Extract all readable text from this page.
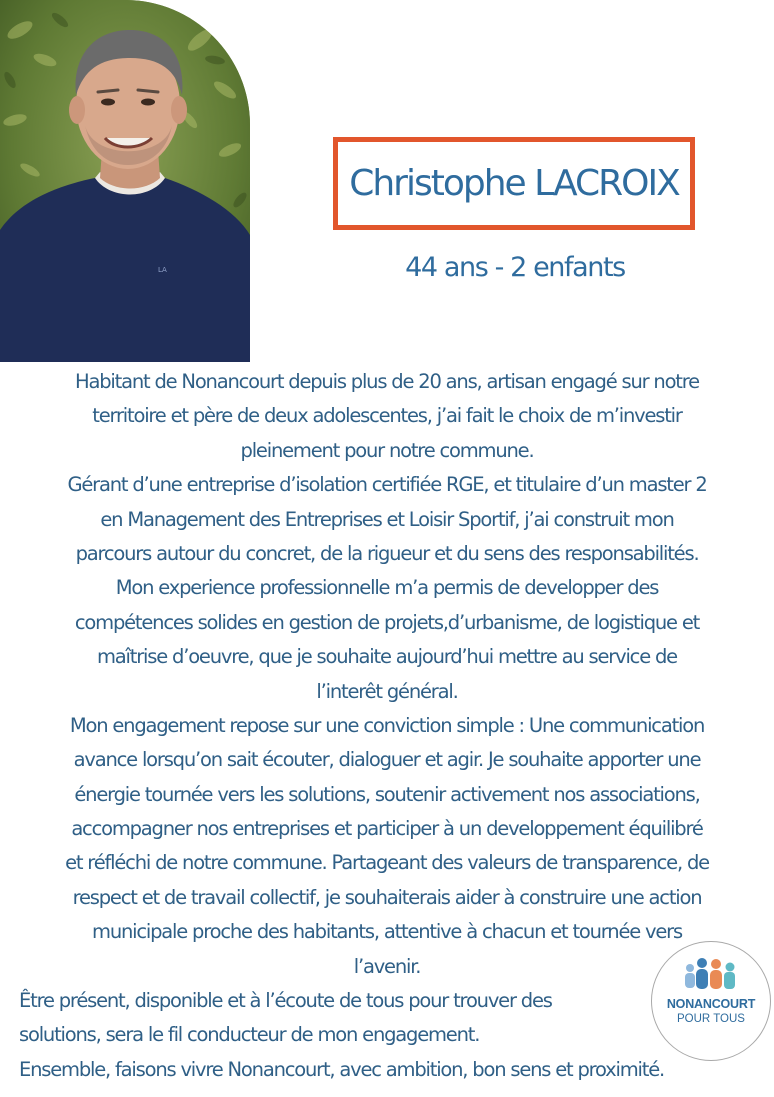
LA
Christophe LACROIX
44 ans - 2 enfants
Habitant de Nonancourt depuis plus de 20 ans, artisan engagé sur notre
territoire et père de deux adolescentes, j’ai fait le choix de m’investir
pleinement pour notre commune.
Gérant d’une entreprise d’isolation certifiée RGE, et titulaire d’un master 2
en Management des Entreprises et Loisir Sportif, j’ai construit mon
parcours autour du concret, de la rigueur et du sens des responsabilités.
Mon experience professionnelle m’a permis de developper des
compétences solides en gestion de projets,d’urbanisme, de logistique et
maîtrise d’oeuvre, que je souhaite aujourd’hui mettre au service de
l’interêt général.
Mon engagement repose sur une conviction simple : Une communication
avance lorsqu’on sait écouter, dialoguer et agir. Je souhaite apporter une
énergie tournée vers les solutions, soutenir activement nos associations,
accompagner nos entreprises et participer à un developpement équilibré
et réfléchi de notre commune. Partageant des valeurs de transparence, de
respect et de travail collectif, je souhaiterais aider à construire une action
municipale proche des habitants, attentive à chacun et tournée vers
l’avenir.
Être présent, disponible et à l’écoute de tous pour trouver des
solutions, sera le fil conducteur de mon engagement.
Ensemble, faisons vivre Nonancourt, avec ambition, bon sens et proximité.
NONANCOURT
POUR TOUS
